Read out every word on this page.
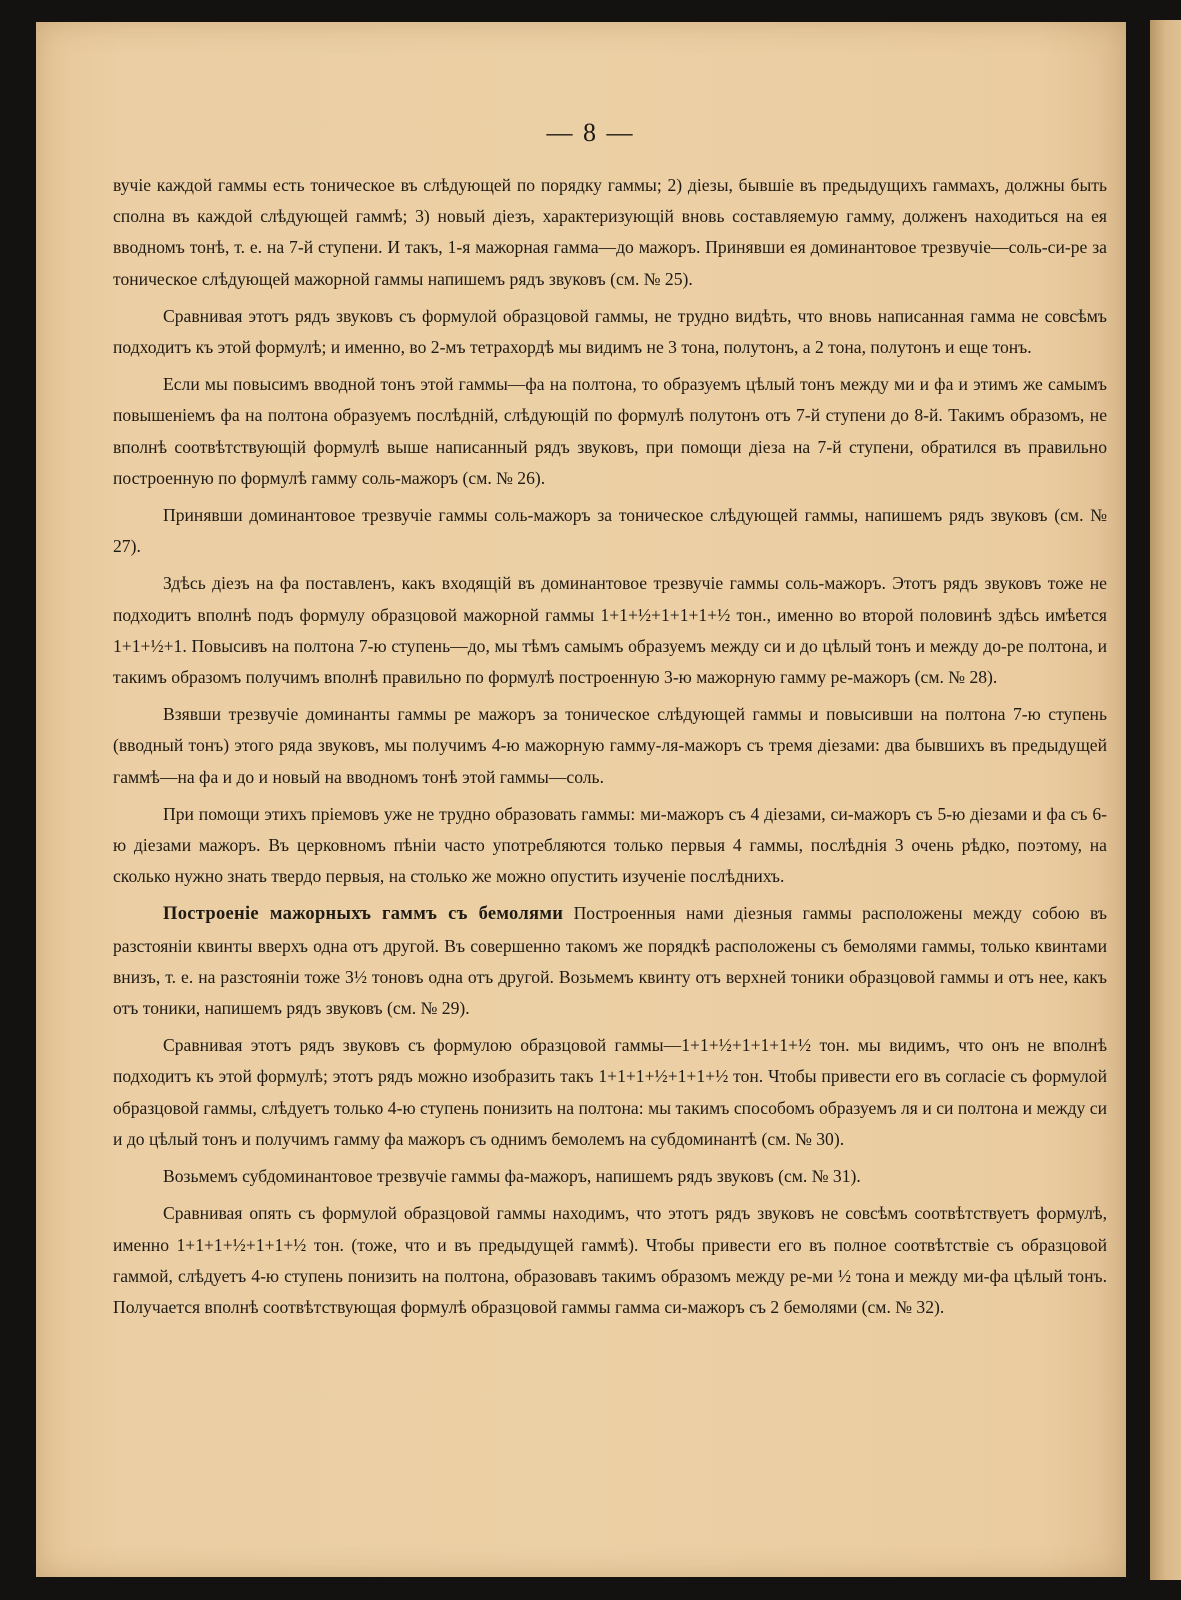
— 8 —

вучіе каждой гаммы есть тоническое въ слѣдующей по порядку гаммы; 2) діезы, бывшіе въ предыдущихъ гаммахъ, должны быть сполна въ каждой слѣдующей гаммѣ; 3) новый діезъ, характеризующій вновь составляемую гамму, долженъ находиться на ея вводномъ тонѣ, т. е. на 7-й ступени. И такъ, 1-я мажорная гамма—до мажоръ. Принявши ея доминантовое трезвучіе—соль-си-ре за тоническое слѣдующей мажорной гаммы напишемъ рядъ звуковъ (см. № 25).

Сравнивая этотъ рядъ звуковъ съ формулой образцовой гаммы, не трудно видѣть, что вновь написанная гамма не совсѣмъ подходитъ къ этой формулѣ; и именно, во 2-мъ тетрахордѣ мы видимъ не 3 тона, полутонъ, а 2 тона, полутонъ и еще тонъ.

Если мы повысимъ вводной тонъ этой гаммы—фа на полтона, то образуемъ цѣлый тонъ между ми и фа и этимъ же самымъ повышеніемъ фа на полтона образуемъ послѣдній, слѣдующій по формулѣ полутонъ отъ 7-й ступени до 8-й. Такимъ образомъ, не вполнѣ соотвѣтствующій формулѣ выше написанный рядъ звуковъ, при помощи діеза на 7-й ступени, обратился въ правильно построенную по формулѣ гамму соль-мажоръ (см. № 26).

Принявши доминантовое трезвучіе гаммы соль-мажоръ за тоническое слѣдующей гаммы, напишемъ рядъ звуковъ (см. № 27).

Здѣсь діезъ на фа поставленъ, какъ входящій въ доминантовое трезвучіе гаммы соль-мажоръ. Этотъ рядъ звуковъ тоже не подходитъ вполнѣ подъ формулу образцовой мажорной гаммы 1+1+½+1+1+1+½ тон., именно во второй половинѣ здѣсь имѣется 1+1+½+1. Повысивъ на полтона 7-ю ступень—до, мы тѣмъ самымъ образуемъ между си и до цѣлый тонъ и между до-ре полтона, и такимъ образомъ получимъ вполнѣ правильно по формулѣ построенную 3-ю мажорную гамму ре-мажоръ (см. № 28).

Взявши трезвучіе доминанты гаммы ре мажоръ за тоническое слѣдующей гаммы и повысивши на полтона 7-ю ступень (вводный тонъ) этого ряда звуковъ, мы получимъ 4-ю мажорную гамму-ля-мажоръ съ тремя діезами: два бывшихъ въ предыдущей гаммѣ—на фа и до и новый на вводномъ тонѣ этой гаммы—соль.

При помощи этихъ пріемовъ уже не трудно образовать гаммы: ми-мажоръ съ 4 діезами, си-мажоръ съ 5-ю діезами и фа съ 6-ю діезами мажоръ. Въ церковномъ пѣніи часто употребляются только первыя 4 гаммы, послѣднія 3 очень рѣдко, поэтому, на сколько нужно знать твердо первыя, на столько же можно опустить изученіе послѣднихъ.

Построеніе мажорныхъ гаммъ съ бемолями Построенныя нами діезныя гаммы расположены между собою въ разстояніи квинты вверхъ одна отъ другой. Въ совершенно такомъ же порядкѣ расположены съ бемолями гаммы, только квинтами внизъ, т. е. на разстояніи тоже 3½ тоновъ одна отъ другой. Возьмемъ квинту отъ верхней тоники образцовой гаммы и отъ нее, какъ отъ тоники, напишемъ рядъ звуковъ (см. № 29).

Сравнивая этотъ рядъ звуковъ съ формулою образцовой гаммы—1+1+½+1+1+1+½ тон. мы видимъ, что онъ не вполнѣ подходитъ къ этой формулѣ; этотъ рядъ можно изобразить такъ 1+1+1+½+1+1+½ тон. Чтобы привести его въ согласіе съ формулой образцовой гаммы, слѣдуетъ только 4-ю ступень понизить на полтона: мы такимъ способомъ образуемъ ля и си полтона и между си и до цѣлый тонъ и получимъ гамму фа мажоръ съ однимъ бемолемъ на субдоминантѣ (см. № 30).

Возьмемъ субдоминантовое трезвучіе гаммы фа-мажоръ, напишемъ рядъ звуковъ (см. № 31).

Сравнивая опять съ формулой образцовой гаммы находимъ, что этотъ рядъ звуковъ не совсѣмъ соотвѣтствуетъ формулѣ, именно 1+1+1+½+1+1+½ тон. (тоже, что и въ предыдущей гаммѣ). Чтобы привести его въ полное соотвѣтствіе съ образцовой гаммой, слѣдуетъ 4-ю ступень понизить на полтона, образовавъ такимъ образомъ между ре-ми ½ тона и между ми-фа цѣлый тонъ. Получается вполнѣ соотвѣтствующая формулѣ образцовой гаммы гамма си-мажоръ съ 2 бемолями (см. № 32).
